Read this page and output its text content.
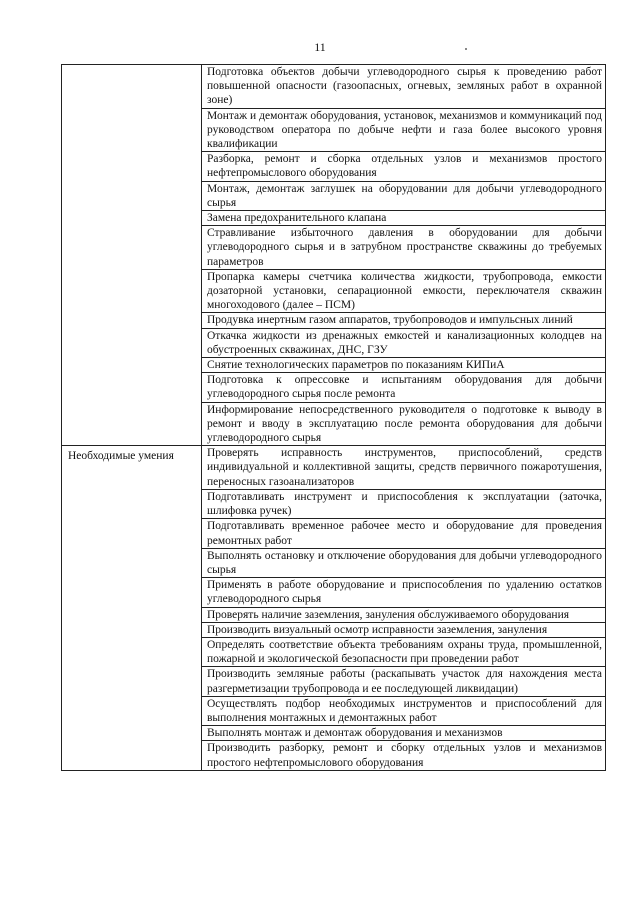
11
Подготовка объектов добычи углеводородного сырья к проведению работ повышенной опасности (газоопасных, огневых, земляных работ в охранной зоне)
Монтаж и демонтаж оборудования, установок, механизмов и коммуникаций под руководством оператора по добыче нефти и газа более высокого уровня квалификации
Разборка, ремонт и сборка отдельных узлов и механизмов простого нефтепромыслового оборудования
Монтаж, демонтаж заглушек на оборудовании для добычи углеводородного сырья
Замена предохранительного клапана
Стравливание избыточного давления в оборудовании для добычи углеводородного сырья и в затрубном пространстве скважины до требуемых параметров
Пропарка камеры счетчика количества жидкости, трубопровода, емкости дозаторной установки, сепарационной емкости, переключателя скважин многоходового (далее – ПСМ)
Продувка инертным газом аппаратов, трубопроводов и импульсных линий
Откачка жидкости из дренажных емкостей и канализационных колодцев на обустроенных скважинах, ДНС, ГЗУ
Снятие технологических параметров по показаниям КИПиА
Подготовка к опрессовке и испытаниям оборудования для добычи углеводородного сырья после ремонта
Информирование непосредственного руководителя о подготовке к выводу в ремонт и вводу в эксплуатацию после ремонта оборудования для добычи углеводородного сырья
Необходимые умения	Проверять исправность инструментов, приспособлений, средств индивидуальной и коллективной защиты, средств первичного пожаротушения, переносных газоанализаторов
Подготавливать инструмент и приспособления к эксплуатации (заточка, шлифовка ручек)
Подготавливать временное рабочее место и оборудование для проведения ремонтных работ
Выполнять остановку и отключение оборудования для добычи углеводородного сырья
Применять в работе оборудование и приспособления по удалению остатков углеводородного сырья
Проверять наличие заземления, зануления обслуживаемого оборудования
Производить визуальный осмотр исправности заземления, зануления
Определять соответствие объекта требованиям охраны труда, промышленной, пожарной и экологической безопасности при проведении работ
Производить земляные работы (раскапывать участок для нахождения места разгерметизации трубопровода и ее последующей ликвидации)
Осуществлять подбор необходимых инструментов и приспособлений для выполнения монтажных и демонтажных работ
Выполнять монтаж и демонтаж оборудования и механизмов
Производить разборку, ремонт и сборку отдельных узлов и механизмов простого нефтепромыслового оборудования
